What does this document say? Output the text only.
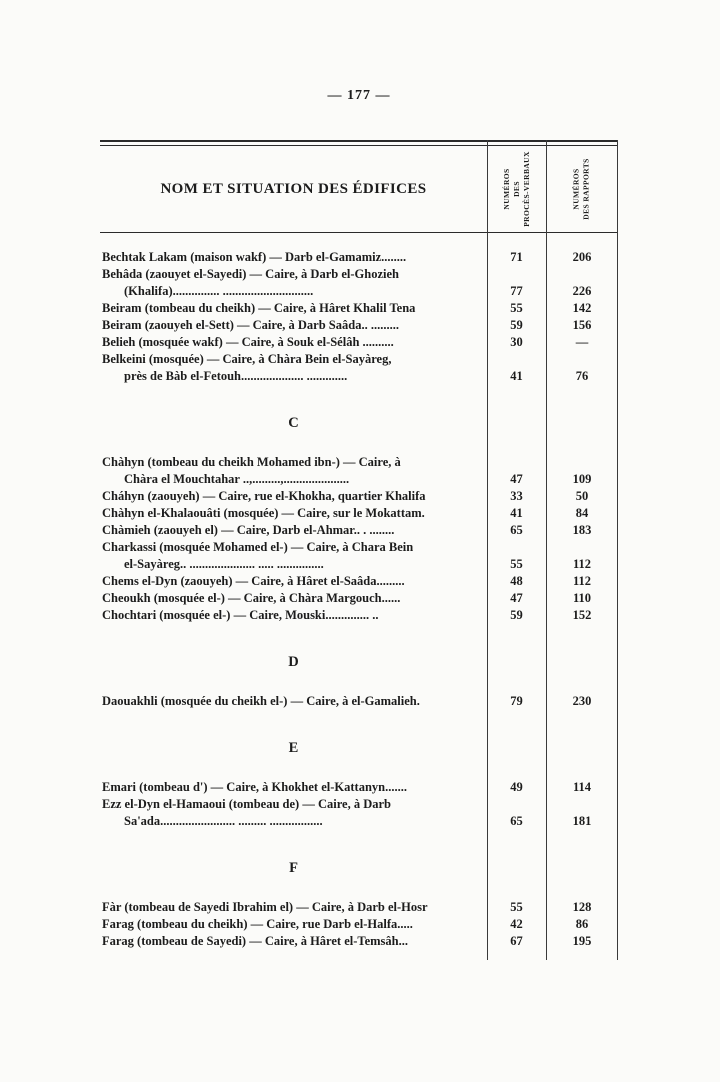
— 177 —
NOM ET SITUATION DES ÉDIFICES	NUMÉROS DES PROCÈS-VERBAUX	NUMÉROS DES RAPPORTS
Bechtak Lakam (maison wakf) — Darb el-Gamamiz........	71	206
Behâda (zaouyet el-Sayedi) — Caire, à Darb el-Ghozieh
(Khalifa)............... .............................	77	226
Beiram (tombeau du cheikh) — Caire, à Hâret Khalil Tena	55	142
Beiram (zaouyeh el-Sett) — Caire, à Darb Saâda.. .........	59	156
Belieh (mosquée wakf) — Caire, à Souk el-Sélâh ..........	30	—
Belkeini (mosquée) — Caire, à Chàra Bein el-Sayàreg,
près de Bàb el-Fetouh.................... .............	41	76
C
Chàhyn (tombeau du cheikh Mohamed ibn-) — Caire, à
Chàra el Mouchtahar ..,.........,.....................	47	109
Cháhyn (zaouyeh) — Caire, rue el-Khokha, quartier Khalifa	33	50
Chàhyn el-Khalaouâti (mosquée) — Caire, sur le Mokattam.	41	84
Chàmieh (zaouyeh el) — Caire, Darb el-Ahmar.. . ........	65	183
Charkassi (mosquée Mohamed el-) — Caire, à Chara Bein
el-Sayàreg.. ..................... ..... ...............	55	112
Chems el-Dyn (zaouyeh) — Caire, à Hâret el-Saâda.........	48	112
Cheoukh (mosquée el-) — Caire, à Chàra Margouch......	47	110
Chochtari (mosquée el-) — Caire, Mouski.............. ..	59	152
D
Daouakhli (mosquée du cheikh el-) — Caire, à el-Gamalieh.	79	230
E
Emari (tombeau d') — Caire, à Khokhet el-Kattanyn.......	49	114
Ezz el-Dyn el-Hamaoui (tombeau de) — Caire, à Darb
Sa'ada........................ ......... .................	65	181
F
Fàr (tombeau de Sayedi Ibrahim el) — Caire, à Darb el-Hosr	55	128
Farag (tombeau du cheikh) — Caire, rue Darb el-Halfa.....	42	86
Farag (tombeau de Sayedi) — Caire, à Hâret el-Temsâh...	67	195
